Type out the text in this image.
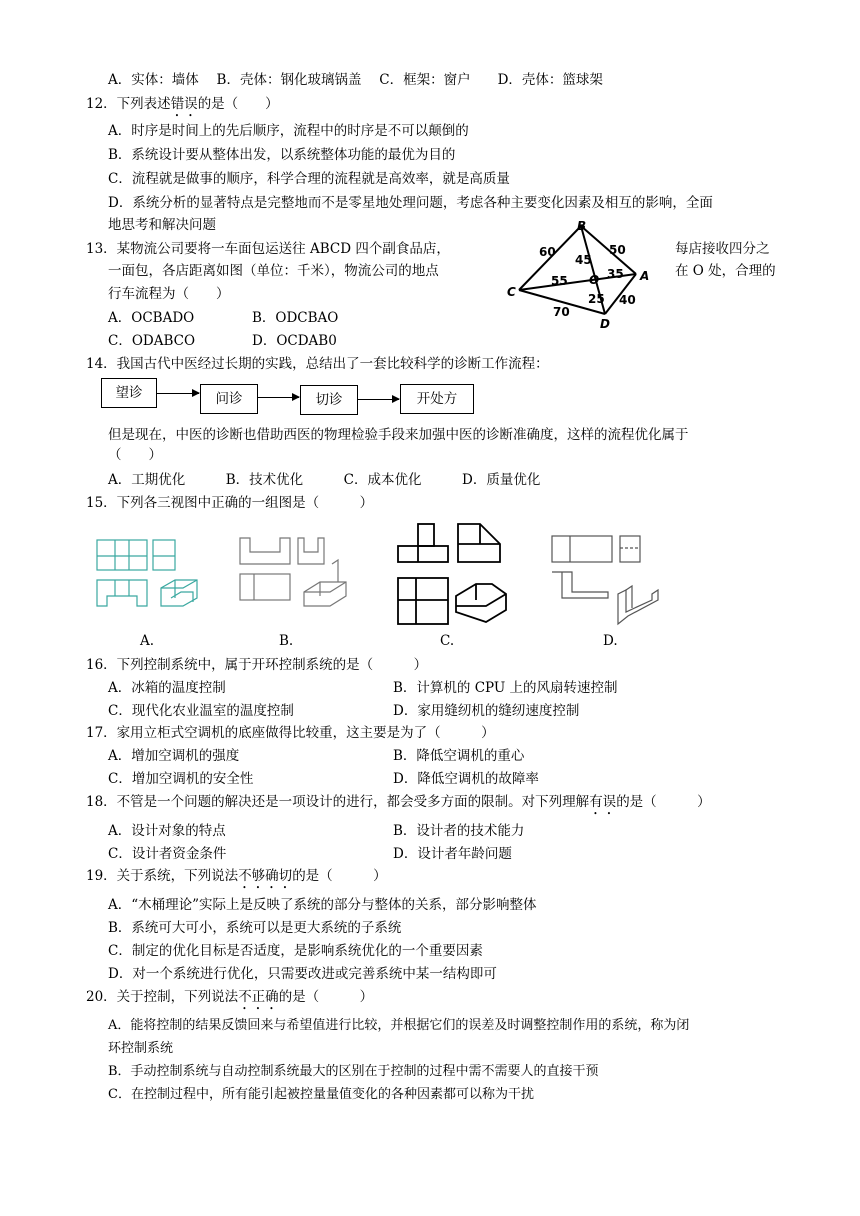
A．实体：墙体　 B．壳体：钢化玻璃锅盖　 C．框架：窗户　　D．壳体：篮球架
12．下列表述错误的是（　　）
A．时序是时间上的先后顺序，流程中的时序是不可以颠倒的
B．系统设计要从整体出发，以系统整体功能的最优为目的
C．流程就是做事的顺序，科学合理的流程就是高效率，就是高质量
D．系统分析的显著特点是完整地而不是零星地处理问题，考虑各种主要变化因素及相互的影响，全面
地思考和解决问题
13．某物流公司要将一车面包运送往 ABCD 四个副食品店，	每店接收四分之
一面包，各店距离如图（单位：千米），物流公司的地点	在 O 处，合理的
行车流程为（　　）
A．OCBADO	B．ODCBAO
C．ODABCO	D．OCDAB0
B
A
C
D
O
60	50
45
55	35
25 40
70
14．我国古代中医经过长期的实践，总结出了一套比较科学的诊断工作流程：
望诊	问诊	切诊	开处方
但是现在，中医的诊断也借助西医的物理检验手段来加强中医的诊断准确度，这样的流程优化属于
（　　）
A．工期优化　　　B．技术优化　　　C．成本优化　　　D．质量优化
15．下列各三视图中正确的一组图是（　　　）
A.	B.	C.	D.
16．下列控制系统中，属于开环控制系统的是（　　　）
A．冰箱的温度控制	B．计算机的 CPU 上的风扇转速控制
C．现代化农业温室的温度控制	D．家用缝纫机的缝纫速度控制
17．家用立柜式空调机的底座做得比较重，这主要是为了（　　　）
A．增加空调机的强度	B．降低空调机的重心
C．增加空调机的安全性	D．降低空调机的故障率
18．不管是一个问题的解决还是一项设计的进行，都会受多方面的限制。对下列理解有误的是（　　　）
A．设计对象的特点	B．设计者的技术能力
C．设计者资金条件	D．设计者年龄问题
19．关于系统，下列说法不够确切的是（　　　）
A．“木桶理论”实际上是反映了系统的部分与整体的关系，部分影响整体
B．系统可大可小，系统可以是更大系统的子系统
C．制定的优化目标是否适度，是影响系统优化的一个重要因素
D．对一个系统进行优化，只需要改进或完善系统中某一结构即可
20．关于控制，下列说法不正确的是（　　　）
A．能将控制的结果反馈回来与希望值进行比较，并根据它们的误差及时调整控制作用的系统，称为闭
环控制系统
B．手动控制系统与自动控制系统最大的区别在于控制的过程中需不需要人的直接干预
C．在控制过程中，所有能引起被控量量值变化的各种因素都可以称为干扰
